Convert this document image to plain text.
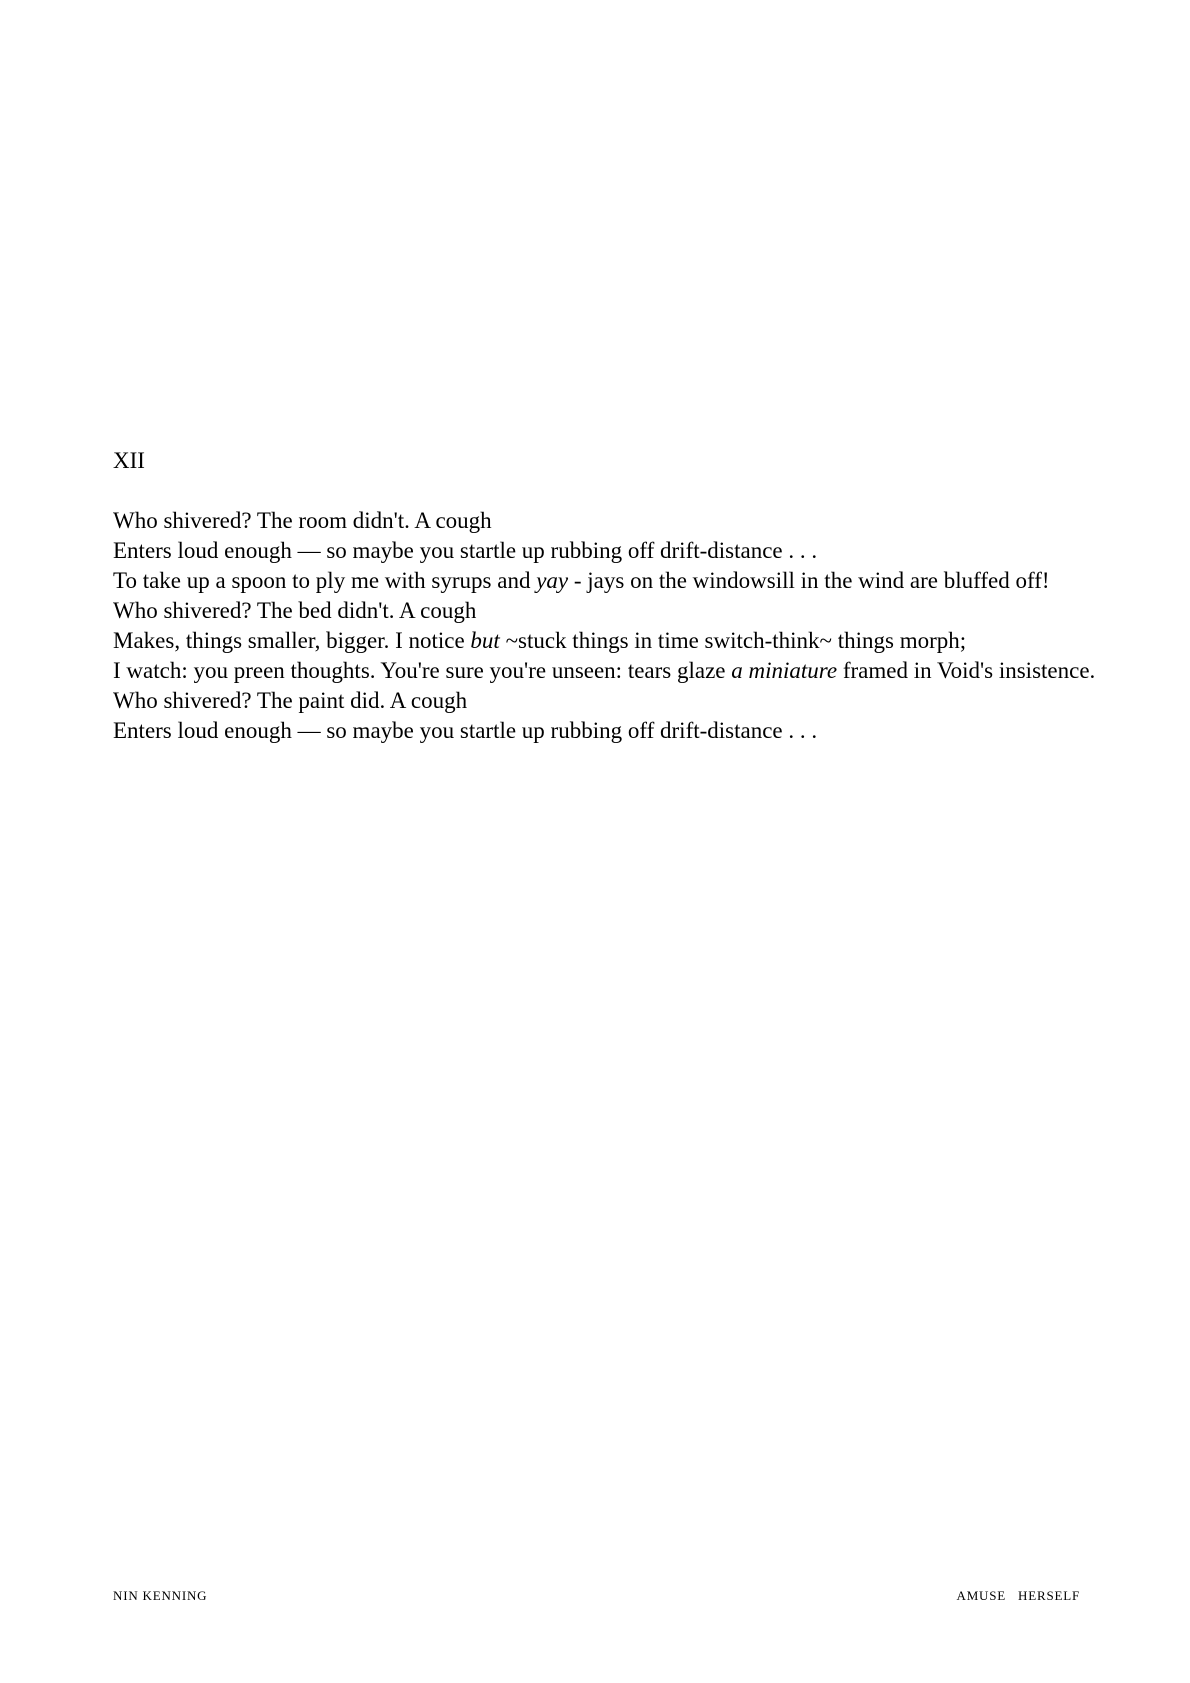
XII
Who shivered? The room didn't. A cough
Enters loud enough — so maybe you startle up rubbing off drift-distance . . .
To take up a spoon to ply me with syrups and yay - jays on the windowsill in the wind are bluffed off!
Who shivered? The bed didn't. A cough
Makes, things smaller, bigger. I notice but ~stuck things in time switch-think~ things morph;
I watch: you preen thoughts. You're sure you're unseen: tears glaze a miniature framed in Void's insistence.
Who shivered? The paint did. A cough
Enters loud enough — so maybe you startle up rubbing off drift-distance . . .
NIN KENNING	AMUSE HERSELF
